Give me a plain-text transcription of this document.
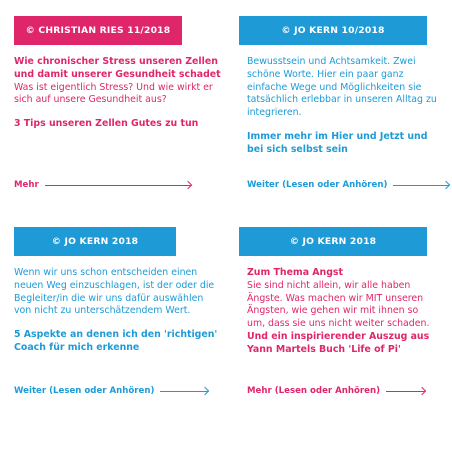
© CHRISTIAN RIES 11/2018

Wie chronischer Stress unseren Zellen und damit unserer Gesundheit schadet

Was ist eigentlich Stress? Und wie wirkt er sich auf unsere Gesundheit aus?

3 Tips unseren Zellen Gutes zu tun

Mehr
© JO KERN 10/2018

Bewusstsein und Achtsamkeit. Zwei schöne Worte. Hier ein paar ganz einfache Wege und Möglichkeiten sie tatsächlich erlebbar in unseren Alltag zu integrieren.

Immer mehr im Hier und Jetzt und bei sich selbst sein

Weiter (Lesen oder Anhören)
© JO KERN 2018

Wenn wir uns schon entscheiden einen neuen Weg einzuschlagen, ist der oder die Begleiter/in die wir uns dafür auswählen von nicht zu unterschätzendem Wert.

5 Aspekte an denen ich den 'richtigen' Coach für mich erkenne

Weiter (Lesen oder Anhören)
© JO KERN 2018

Zum Thema Angst

Sie sind nicht allein, wir alle haben Ängste. Was machen wir MIT unseren Ängsten, wie gehen wir mit ihnen so um, dass sie uns nicht weiter schaden.

Und ein inspirierender Auszug aus Yann Martels Buch 'Life of Pi'

Mehr (Lesen oder Anhören)
